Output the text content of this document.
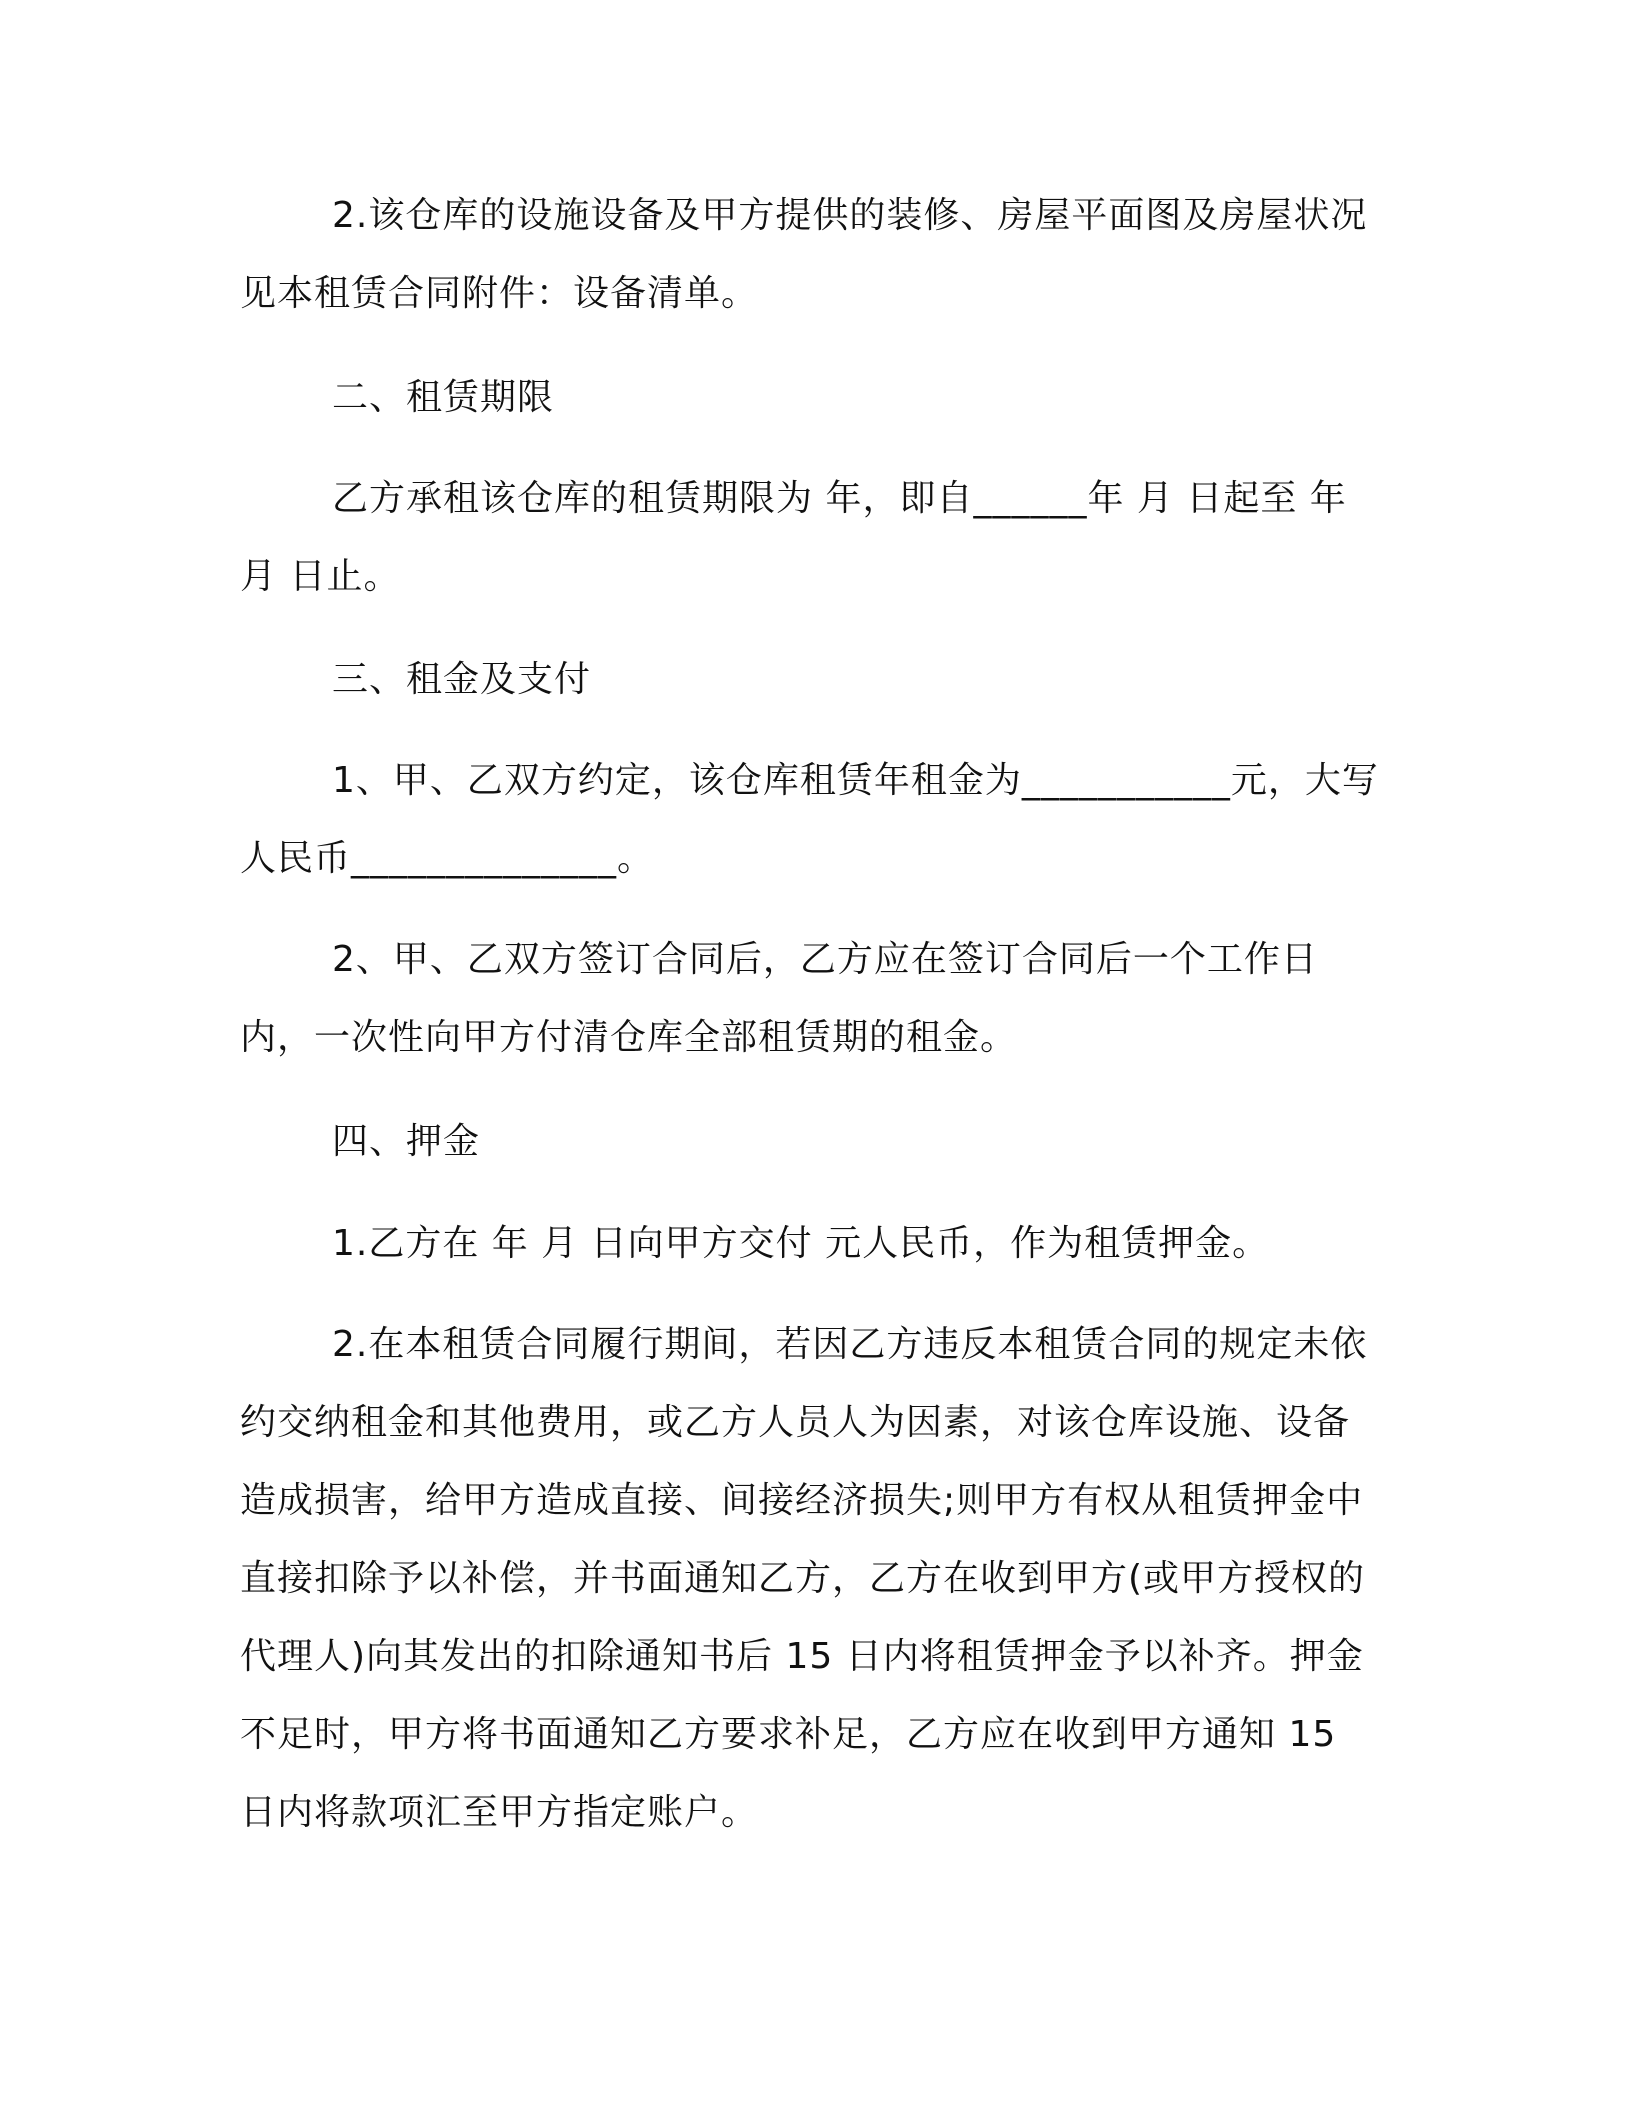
2.该仓库的设施设备及甲方提供的装修、房屋平面图及房屋状况见本租赁合同附件：设备清单。

二、租赁期限

乙方承租该仓库的租赁期限为 年，即自______年 月 日起至 年月 日止。

三、租金及支付

1、甲、乙双方约定，该仓库租赁年租金为___________元，大写人民币______________。

2、甲、乙双方签订合同后，乙方应在签订合同后一个工作日内，一次性向甲方付清仓库全部租赁期的租金。

四、押金

1.乙方在 年 月 日向甲方交付 元人民币，作为租赁押金。

2.在本租赁合同履行期间，若因乙方违反本租赁合同的规定未依约交纳租金和其他费用，或乙方人员人为因素，对该仓库设施、设备造成损害，给甲方造成直接、间接经济损失;则甲方有权从租赁押金中直接扣除予以补偿，并书面通知乙方，乙方在收到甲方(或甲方授权的代理人)向其发出的扣除通知书后 15 日内将租赁押金予以补齐。押金不足时，甲方将书面通知乙方要求补足，乙方应在收到甲方通知 15 日内将款项汇至甲方指定账户。
